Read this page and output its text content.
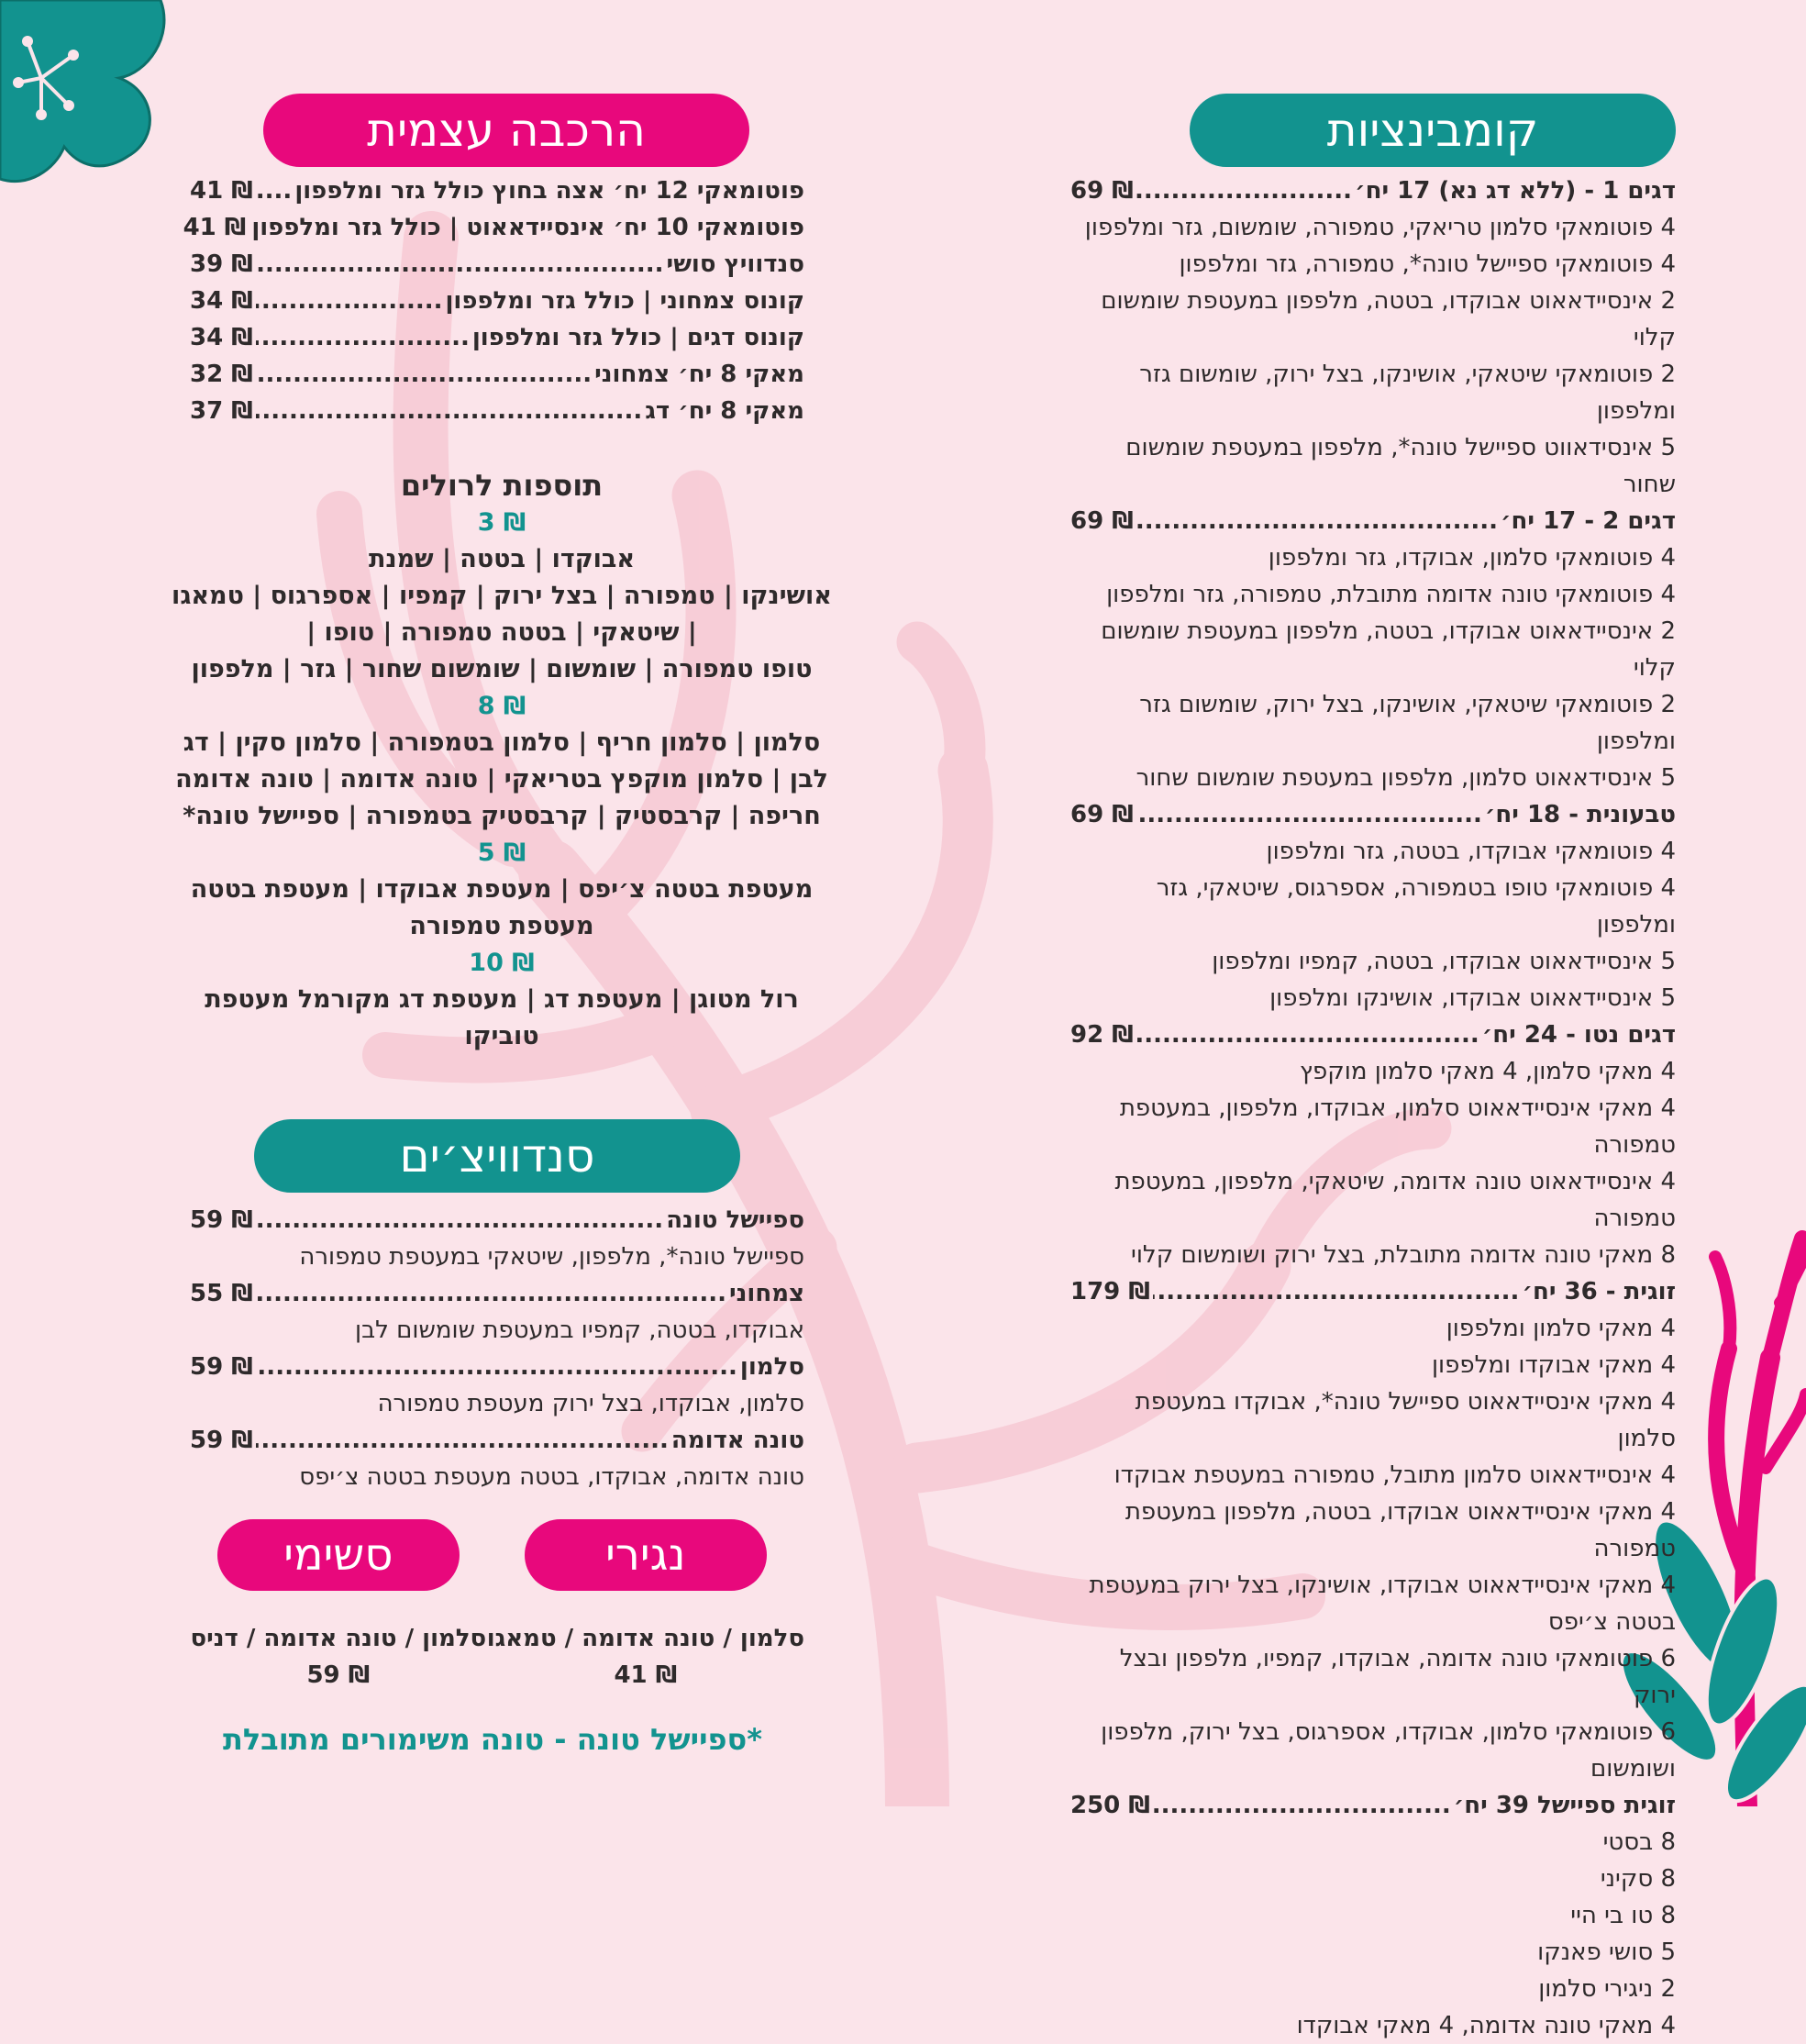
קומבינציות
דגים 1 - (ללא דג נא) 17 יח׳
.....
69 ₪
4 פוטומאקי סלמון טריאקי, טמפורה, שומשום, גזר ומלפפון
4 פוטומאקי ספיישל טונה*, טמפורה, גזר ומלפפון
2 אינסיידאאוט אבוקדו, בטטה, מלפפון במעטפת שומשום קלוי
2 פוטומאקי שיטאקי, אושינקו, בצל ירוק, שומשום גזר ומלפפון
5 אינסידאווט ספיישל טונה*, מלפפון במעטפת שומשום שחור
דגים 2 - 17 יח׳
.....
69 ₪
4 פוטומאקי סלמון, אבוקדו, גזר ומלפפון
4 פוטומאקי טונה אדומה מתובלת, טמפורה, גזר ומלפפון
2 אינסייד‎אאוט אבוקדו, בטטה, מלפפון במעטפת שומשום קלוי
2 פוטומאקי שיטאקי, אושינקו, בצל ירוק, שומשום גזר ומלפפון
5 אינסידאאוט סלמון, מלפפון במעטפת שומשום שחור
טבעונית - 18 יח׳
.....
69 ₪
4 פוטומאקי אבוקדו, בטטה, גזר ומלפפון
4 פוטומאקי טופו בטמפורה, אספרגוס, שיטאקי, גזר ומלפפון
5 אינסייד‎אאוט אבוקדו, בטטה, קמפיו ומלפפון
5 אינסייד‎אאוט אבוקדו, אושינקו ומלפפון
דגים נטו - 24 יח׳
.....
92 ₪
4 מאקי סלמון, 4 מאקי סלמון מוקפץ
4 מאקי אינסייד‎אאוט סלמון, אבוקדו, מלפפון, במעטפת טמפורה
4 אינסייד‎אאוט טונה אדומה, שיטאקי, מלפפון, במעטפת טמפורה
8 מאקי טונה אדומה מתובלת, בצל ירוק ושומשום קלוי
זוגית - 36 יח׳
.....
179 ₪
4 מאקי סלמון ומלפפון
4 מאקי אבוקדו ומלפפון
4 מאקי אינסייד‎אאוט ספיישל טונה*, אבוקדו במעטפת סלמון
4 אינסייד‎אאוט סלמון מתובל, טמפורה במעטפת אבוקדו
4 מאקי אינסייד‎אאוט אבוקדו, בטטה, מלפפון במעטפת טמפורה
4 מאקי אינסייד‎אאוט אבוקדו, אושינקו, בצל ירוק במעטפת בטטה צ׳יפס
6 פוטומאקי טונה אדומה, אבוקדו, קמפיו, מלפפון ובצל ירוק
6 פוטומאקי סלמון, אבוקדו, אספרגוס, בצל ירוק, מלפפון ושומשום
זוגית ספיישל 39 יח׳
.....
250 ₪
8 בסטי
8 סקיני
8 טו בי היי
5 סושי פאנקו
2 ניגירי סלמון
4 מאקי טונה אדומה, 4 מאקי אבוקדו
הרכבה עצמית
פוטומאקי 12 יח׳ אצה בחוץ כולל גזר ומלפפון
.....
41 ₪
פוטומאקי 10 יח׳ אינסייד‎אאוט | כולל גזר ומלפפון
41 ₪
סנדוויץ סושי
.....
39 ₪
קונוס צמחוני | כולל גזר ומלפפון
.....
34 ₪
קונוס דגים | כולל גזר ומלפפון
.....
34 ₪
מאקי 8 יח׳ צמחוני
.....
32 ₪
מאקי 8 יח׳ דג
.....
37 ₪
תוספות לרולים
3 ₪
אבוקדו | בטטה | שמנת
אושינקו | טמפורה | בצל ירוק | קמפיו | אספרגוס | טמאגו | שיטאקי | בטטה טמפורה | טופו |
טופו טמפורה | שומשום | שומשום שחור | גזר | מלפפון
8 ₪
סלמון | סלמון חריף | סלמון בטמפורה | סלמון סקין | דג לבן | סלמון מוקפץ בטריאקי | טונה אדומה | טונה אדומה חריפה | קרבסטיק | קרבסטיק בטמפורה | ספיישל טונה*
5 ₪
מעטפת בטטה צ׳יפס | מעטפת אבוקדו | מעטפת בטטה מעטפת טמפורה
10 ₪
רול מטוגן | מעטפת דג | מעטפת דג מקורמל מעטפת טוביקו
סנדוויצ׳ים
ספיישל טונה
.....
59 ₪
ספיישל טונה*, מלפפון, שיטאקי במעטפת טמפורה
צמחוני
.....
55 ₪
אבוקדו, בטטה, קמפיו במעטפת שומשום לבן
סלמון
.....
59 ₪
סלמון, אבוקדו, בצל ירוק מעטפת טמפורה
טונה אדומה
.....
59 ₪
טונה אדומה, אבוקדו, בטטה מעטפת בטטה צ׳יפס
נגירי
סלמון / טונה אדומה / טמאגו
41 ₪
סשימי
סלמון / טונה אדומה / דניס
59 ₪
*ספיישל טונה - טונה משימורים מתובלת
